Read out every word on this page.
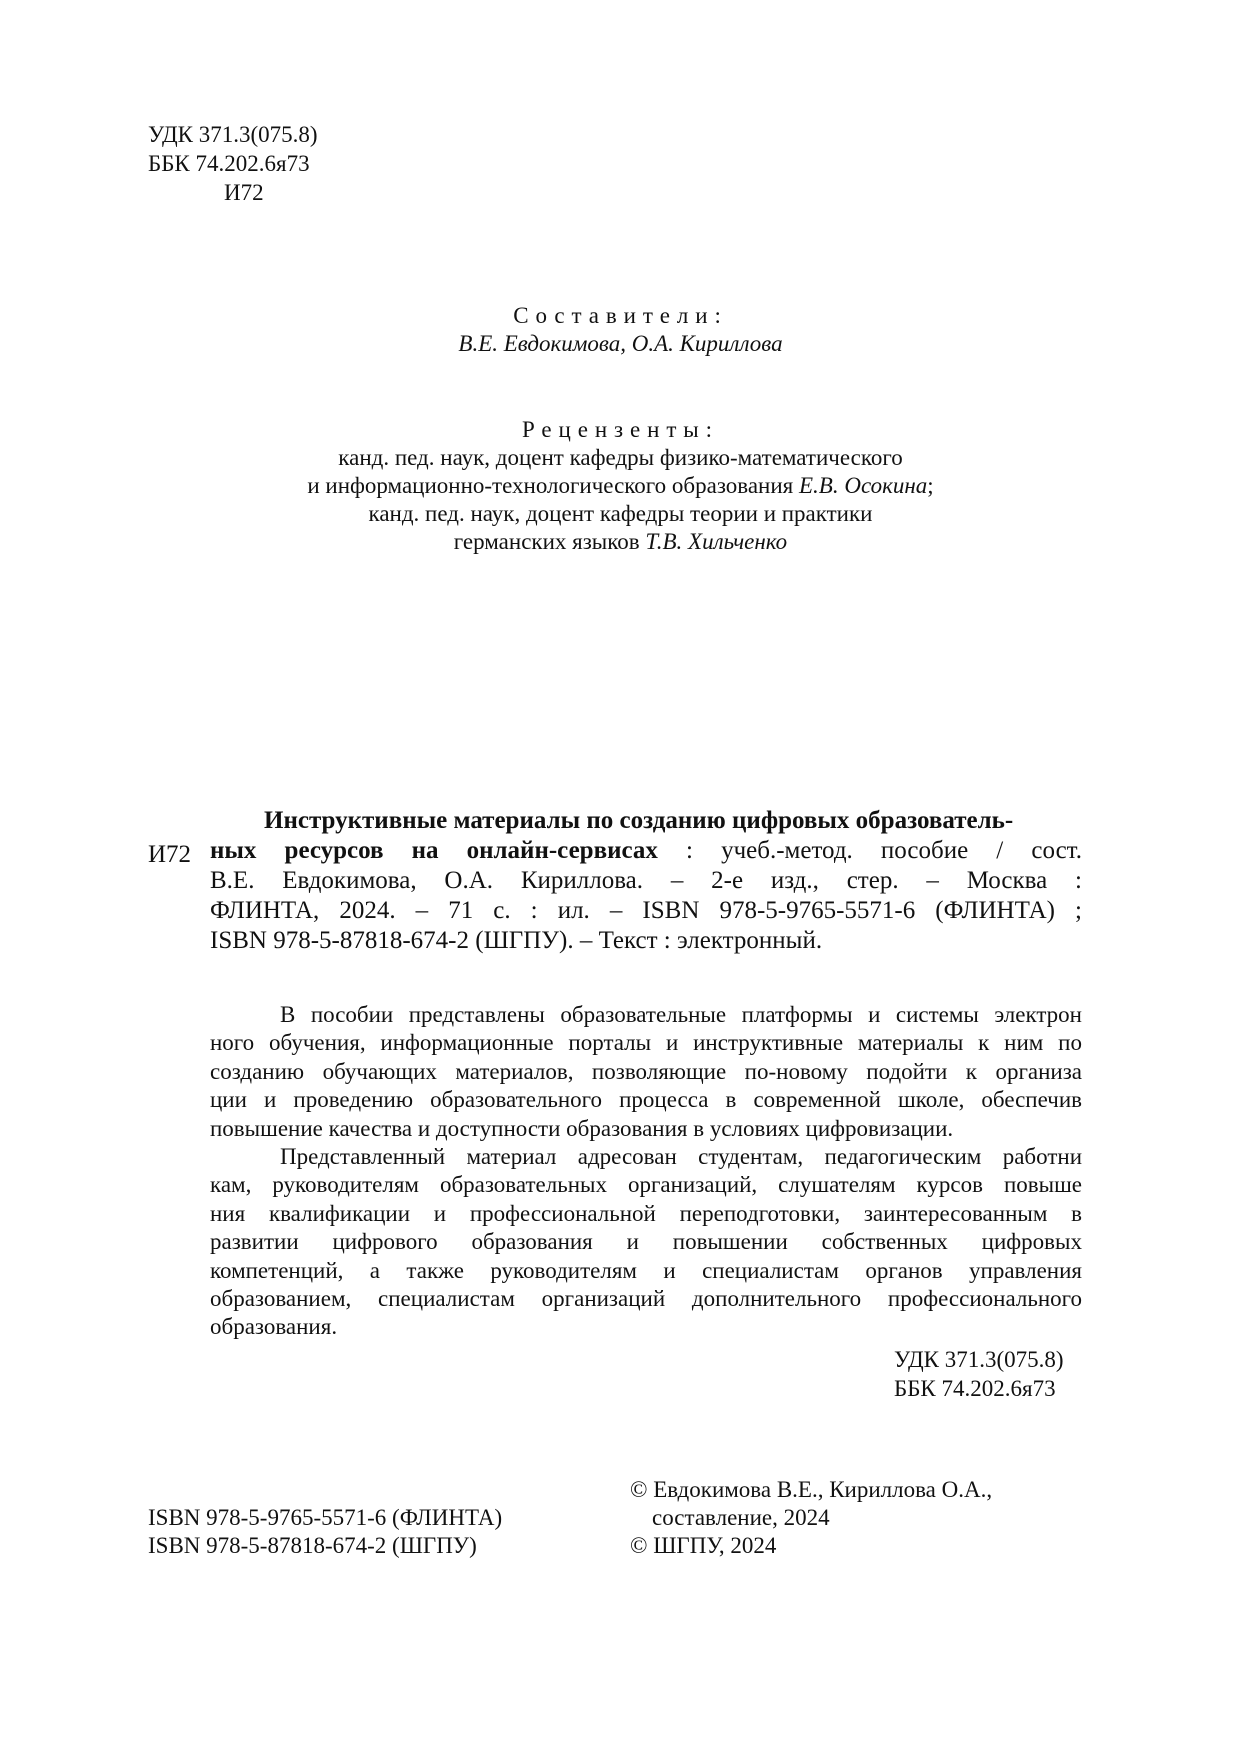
УДК 371.3(075.8)
ББК 74.202.6я73
И72
Составители:
В.Е. Евдокимова, О.А. Кириллова
Рецензенты:
канд. пед. наук, доцент кафедры физико-математического
и информационно-технологического образования Е.В. Осокина;
канд. пед. наук, доцент кафедры теории и практики
германских языков Т.В. Хильченко
И72
Инструктивные материалы по созданию цифровых образователь-
ных ресурсов на онлайн-сервисах : учеб.-метод. пособие / сост.
В.Е. Евдокимова, О.А. Кириллова. – 2-е изд., стер. – Москва :
ФЛИНТА, 2024. – 71 с. : ил. – ISBN 978-5-9765-5571-6 (ФЛИНТА) ;
ISBN 978-5-87818-674-2 (ШГПУ). – Текст : электронный.
В пособии представлены образовательные платформы и системы электрон
ного обучения, информационные порталы и инструктивные материалы к ним по
созданию обучающих материалов, позволяющие по-новому подойти к организа
ции и проведению образовательного процесса в современной школе, обеспечив
повышение качества и доступности образования в условиях цифровизации.
Представленный материал адресован студентам, педагогическим работни
кам, руководителям образовательных организаций, слушателям курсов повыше
ния квалификации и профессиональной переподготовки, заинтересованным в
развитии цифрового образования и повышении собственных цифровых
компетенций, а также руководителям и специалистам органов управления
образованием, специалистам организаций дополнительного профессионального
образования.
УДК 371.3(075.8)
ББК 74.202.6я73
ISBN 978-5-9765-5571-6 (ФЛИНТА)
ISBN 978-5-87818-674-2 (ШГПУ)
© Евдокимова В.Е., Кириллова О.А.,
составление, 2024
© ШГПУ, 2024
